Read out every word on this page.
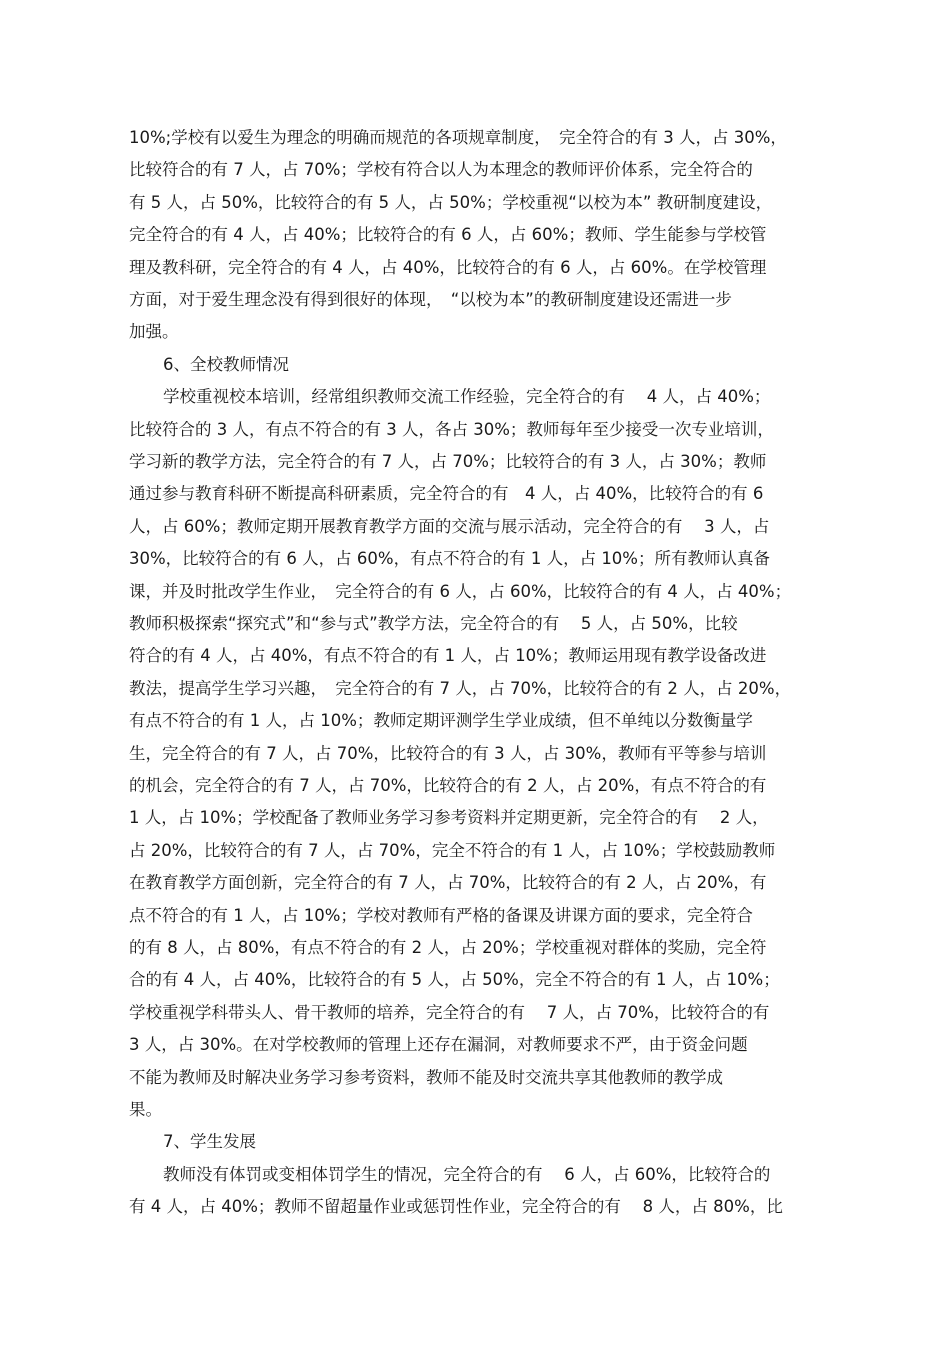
10%;学校有以爱生为理念的明确而规范的各项规章制度，　完全符合的有 3 人，占 30%，
比较符合的有 7 人，占 70%；学校有符合以人为本理念的教师评价体系，完全符合的
有 5 人，占 50%，比较符合的有 5 人，占 50%；学校重视“以校为本” 教研制度建设，
完全符合的有 4 人，占 40%；比较符合的有 6 人，占 60%；教师、学生能参与学校管
理及教科研，完全符合的有 4 人，占 40%，比较符合的有 6 人，占 60%。在学校管理
方面，对于爱生理念没有得到很好的体现，　“以校为本”的教研制度建设还需进一步
加强。
6、全校教师情况
学校重视校本培训，经常组织教师交流工作经验，完全符合的有　 4 人，占 40%；
比较符合的 3 人，有点不符合的有 3 人，各占 30%；教师每年至少接受一次专业培训，
学习新的教学方法，完全符合的有 7 人，占 70%；比较符合的有 3 人，占 30%；教师
通过参与教育科研不断提高科研素质，完全符合的有　4 人，占 40%，比较符合的有 6
人，占 60%；教师定期开展教育教学方面的交流与展示活动，完全符合的有　 3 人，占
30%，比较符合的有 6 人，占 60%，有点不符合的有 1 人，占 10%；所有教师认真备
课，并及时批改学生作业，　完全符合的有 6 人，占 60%，比较符合的有 4 人，占 40%；
教师积极探索“探究式”和“参与式”教学方法，完全符合的有　 5 人，占 50%，比较
符合的有 4 人，占 40%，有点不符合的有 1 人，占 10%；教师运用现有教学设备改进
教法，提高学生学习兴趣，　完全符合的有 7 人，占 70%，比较符合的有 2 人，占 20%，
有点不符合的有 1 人，占 10%；教师定期评测学生学业成绩，但不单纯以分数衡量学
生，完全符合的有 7 人，占 70%，比较符合的有 3 人，占 30%，教师有平等参与培训
的机会，完全符合的有 7 人，占 70%，比较符合的有 2 人，占 20%，有点不符合的有
1 人，占 10%；学校配备了教师业务学习参考资料并定期更新，完全符合的有　 2 人，
占 20%，比较符合的有 7 人，占 70%，完全不符合的有 1 人，占 10%；学校鼓励教师
在教育教学方面创新，完全符合的有 7 人，占 70%，比较符合的有 2 人，占 20%，有
点不符合的有 1 人，占 10%；学校对教师有严格的备课及讲课方面的要求，完全符合
的有 8 人，占 80%，有点不符合的有 2 人，占 20%；学校重视对群体的奖励，完全符
合的有 4 人，占 40%，比较符合的有 5 人，占 50%，完全不符合的有 1 人，占 10%；
学校重视学科带头人、骨干教师的培养，完全符合的有　 7 人，占 70%，比较符合的有
3 人，占 30%。在对学校教师的管理上还存在漏洞，对教师要求不严，由于资金问题
不能为教师及时解决业务学习参考资料，教师不能及时交流共享其他教师的教学成
果。
7、学生发展
教师没有体罚或变相体罚学生的情况，完全符合的有　 6 人，占 60%，比较符合的
有 4 人，占 40%；教师不留超量作业或惩罚性作业，完全符合的有　 8 人，占 80%，比
